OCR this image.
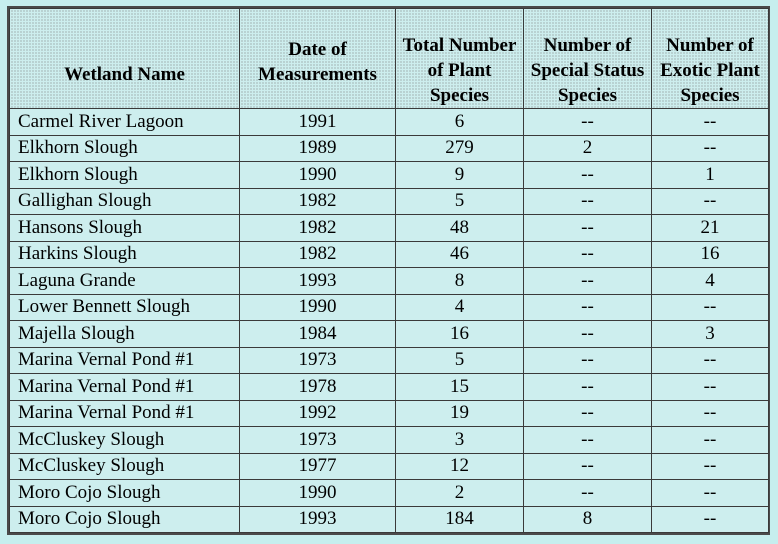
Wetland Name	Date of Measurements	Total Number of Plant Species	Number of Special Status Species	Number of Exotic Plant Species

Carmel River Lagoon	1991	6	--	--
Elkhorn Slough	1989	279	2	--
Elkhorn Slough	1990	9	--	1
Gallighan Slough	1982	5	--	--
Hansons Slough	1982	48	--	21
Harkins Slough	1982	46	--	16
Laguna Grande	1993	8	--	4
Lower Bennett Slough	1990	4	--	--
Majella Slough	1984	16	--	3
Marina Vernal Pond #1	1973	5	--	--
Marina Vernal Pond #1	1978	15	--	--
Marina Vernal Pond #1	1992	19	--	--
McCluskey Slough	1973	3	--	--
McCluskey Slough	1977	12	--	--
Moro Cojo Slough	1990	2	--	--
Moro Cojo Slough	1993	184	8	--
